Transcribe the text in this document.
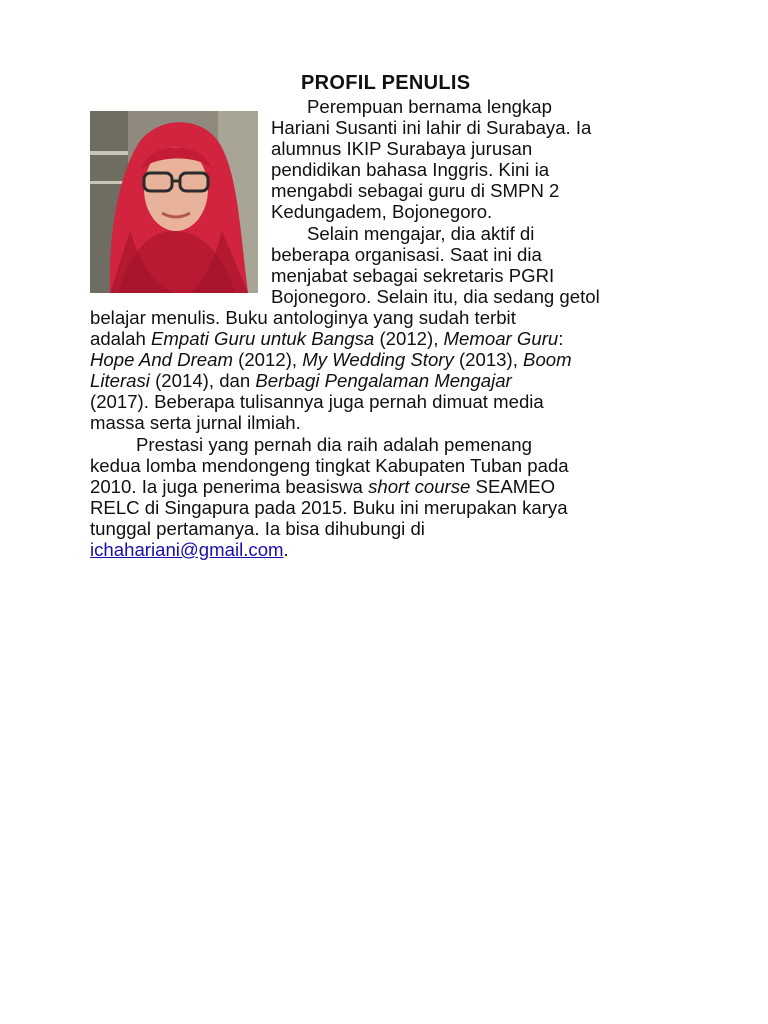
PROFIL PENULIS
Perempuan bernama lengkap
Hariani Susanti ini lahir di Surabaya. Ia
alumnus IKIP Surabaya jurusan
pendidikan bahasa Inggris. Kini ia
mengabdi sebagai guru di SMPN 2
Kedungadem, Bojonegoro.
Selain mengajar, dia aktif di
beberapa organisasi. Saat ini dia
menjabat sebagai sekretaris PGRI
Bojonegoro. Selain itu, dia sedang getol
belajar menulis. Buku antologinya yang sudah terbit
adalah Empati Guru untuk Bangsa (2012), Memoar Guru:
Hope And Dream (2012), My Wedding Story (2013), Boom
Literasi (2014), dan Berbagi Pengalaman Mengajar
(2017). Beberapa tulisannya juga pernah dimuat media
massa serta jurnal ilmiah.
Prestasi yang pernah dia raih adalah pemenang
kedua lomba mendongeng tingkat Kabupaten Tuban pada
2010. Ia juga penerima beasiswa short course SEAMEO
RELC di Singapura pada 2015. Buku ini merupakan karya
tunggal pertamanya. Ia bisa dihubungi di
ichahariani@gmail.com.
